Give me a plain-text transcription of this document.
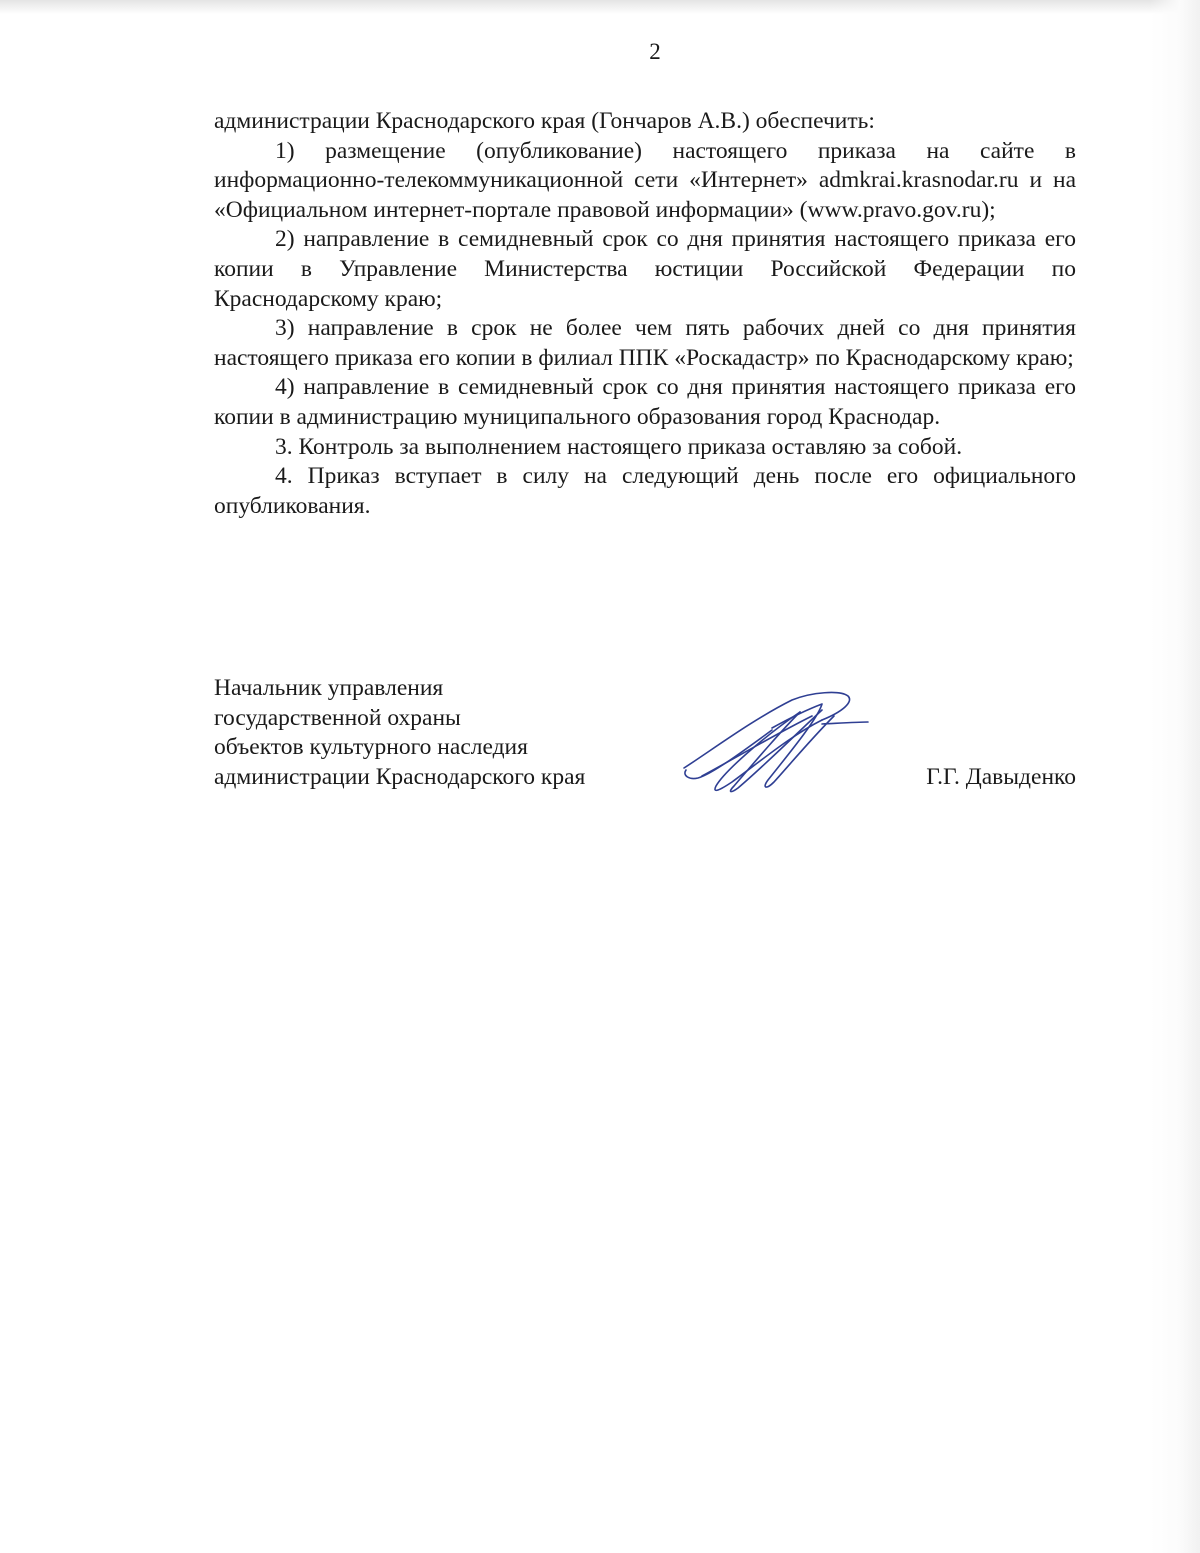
2

администрации Краснодарского края (Гончаров А.В.) обеспечить:

1) размещение (опубликование) настоящего приказа на сайте в информационно-телекоммуникационной сети «Интернет» admkrai.krasnodar.ru и на «Официальном интернет-портале правовой информации» (www.pravo.gov.ru);

2) направление в семидневный срок со дня принятия настоящего приказа его копии в Управление Министерства юстиции Российской Федерации по Краснодарскому краю;

3) направление в срок не более чем пять рабочих дней со дня принятия настоящего приказа его копии в филиал ППК «Роскадастр» по Краснодарскому краю;

4) направление в семидневный срок со дня принятия настоящего приказа его копии в администрацию муниципального образования город Краснодар.

3. Контроль за выполнением настоящего приказа оставляю за собой.

4. Приказ вступает в силу на следующий день после его официального опубликования.

Начальник управления
государственной охраны
объектов культурного наследия
администрации Краснодарского края	Г.Г. Давыденко
